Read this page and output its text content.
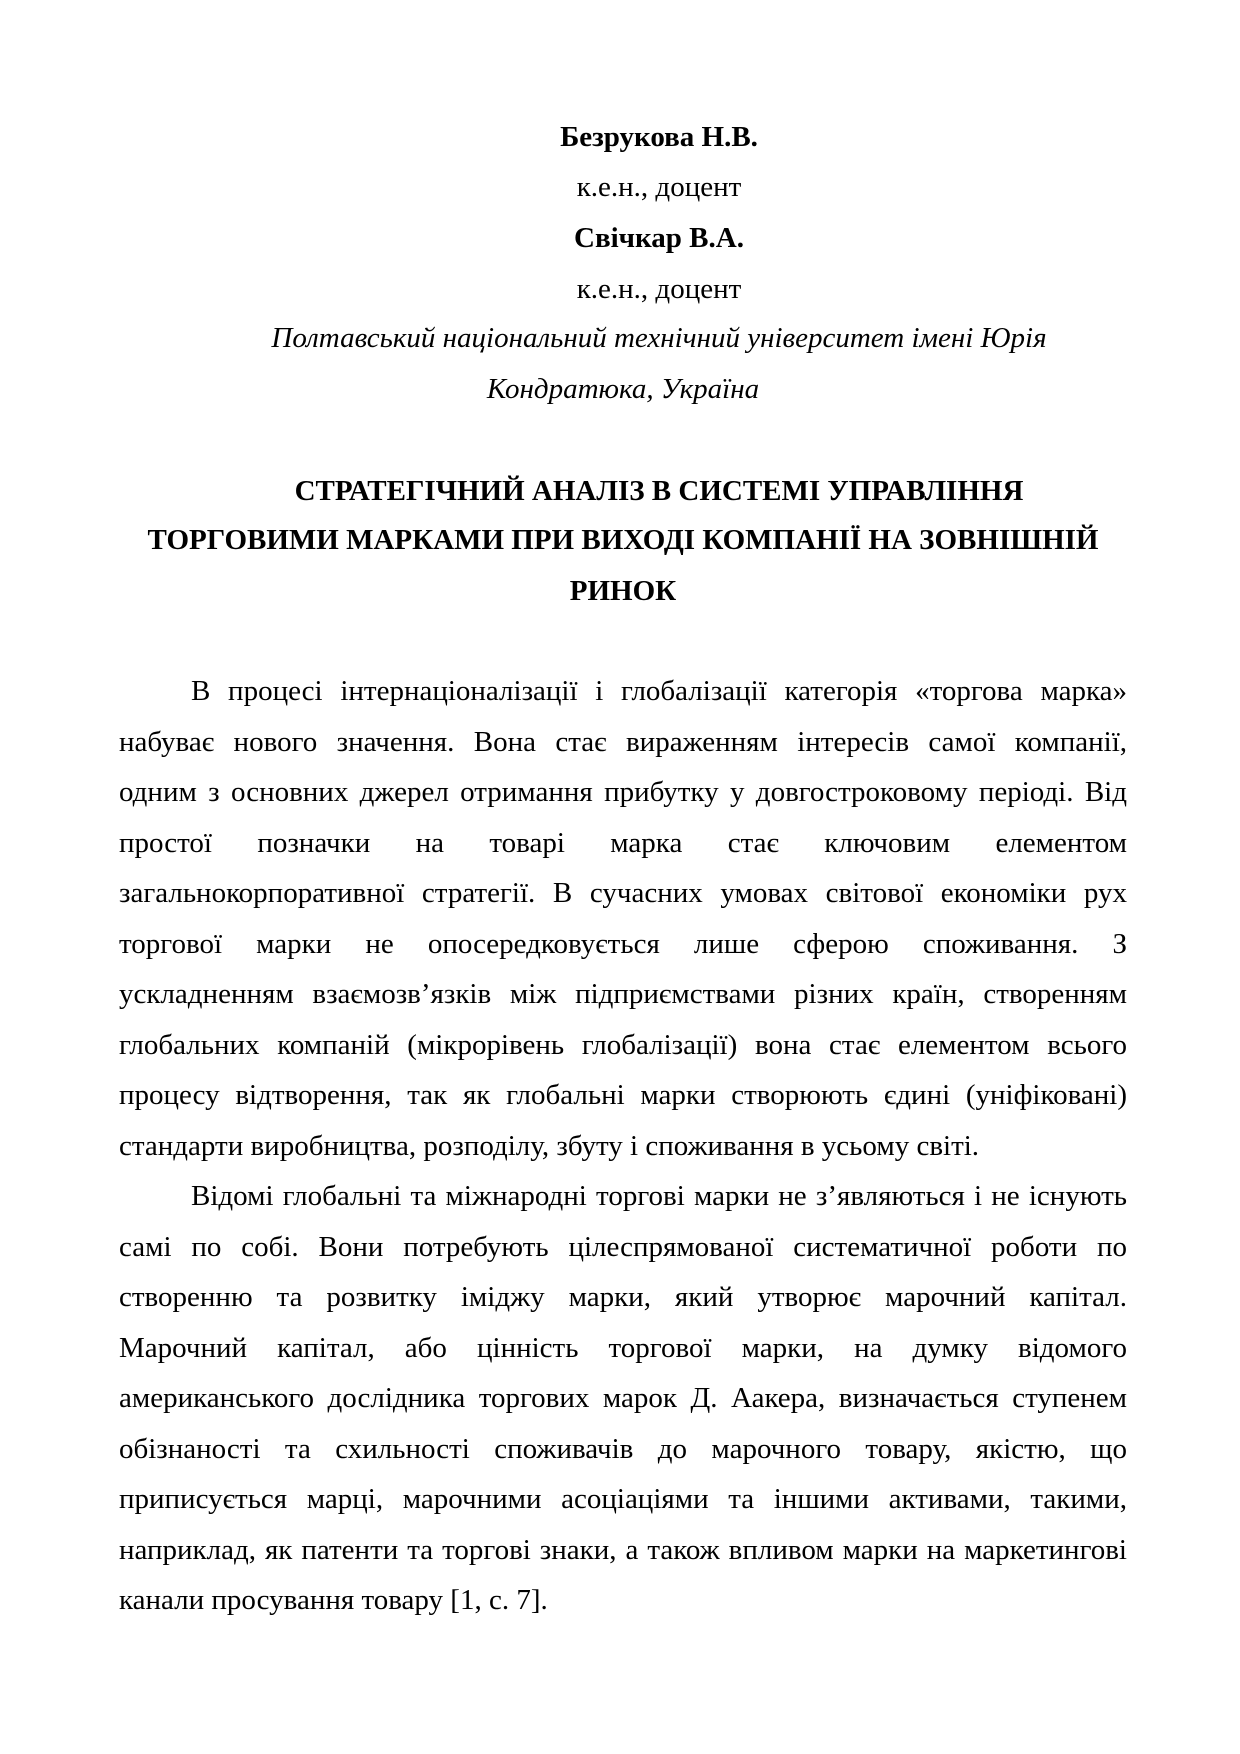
Безрукова Н.В.
к.е.н., доцент
Свічкар В.А.
к.е.н., доцент
Полтавський національний технічний університет імені Юрія
Кондратюка, Україна
СТРАТЕГІЧНИЙ АНАЛІЗ В СИСТЕМІ УПРАВЛІННЯ
ТОРГОВИМИ МАРКАМИ ПРИ ВИХОДІ КОМПАНІЇ НА ЗОВНІШНІЙ
РИНОК
В процесі інтернаціоналізації і глобалізації категорія «торгова марка»
набуває нового значення. Вона стає вираженням інтересів самої компанії,
одним з основних джерел отримання прибутку у довгостроковому періоді. Від
простої позначки на товарі марка стає ключовим елементом
загальнокорпоративної стратегії. В сучасних умовах світової економіки рух
торгової марки не опосередковується лише сферою споживання. З
ускладненням взаємозв’язків між підприємствами різних країн, створенням
глобальних компаній (мікрорівень глобалізації) вона стає елементом всього
процесу відтворення, так як глобальні марки створюють єдині (уніфіковані)
стандарти виробництва, розподілу, збуту і споживання в усьому світі.
Відомі глобальні та міжнародні торгові марки не з’являються і не існують
самі по собі. Вони потребують цілеспрямованої систематичної роботи по
створенню та розвитку іміджу марки, який утворює марочний капітал.
Марочний капітал, або цінність торгової марки, на думку відомого
американського дослідника торгових марок Д. Аакера, визначається ступенем
обізнаності та схильності споживачів до марочного товару, якістю, що
приписується марці, марочними асоціаціями та іншими активами, такими,
наприклад, як патенти та торгові знаки, а також впливом марки на маркетингові
канали просування товару [1, с. 7].
